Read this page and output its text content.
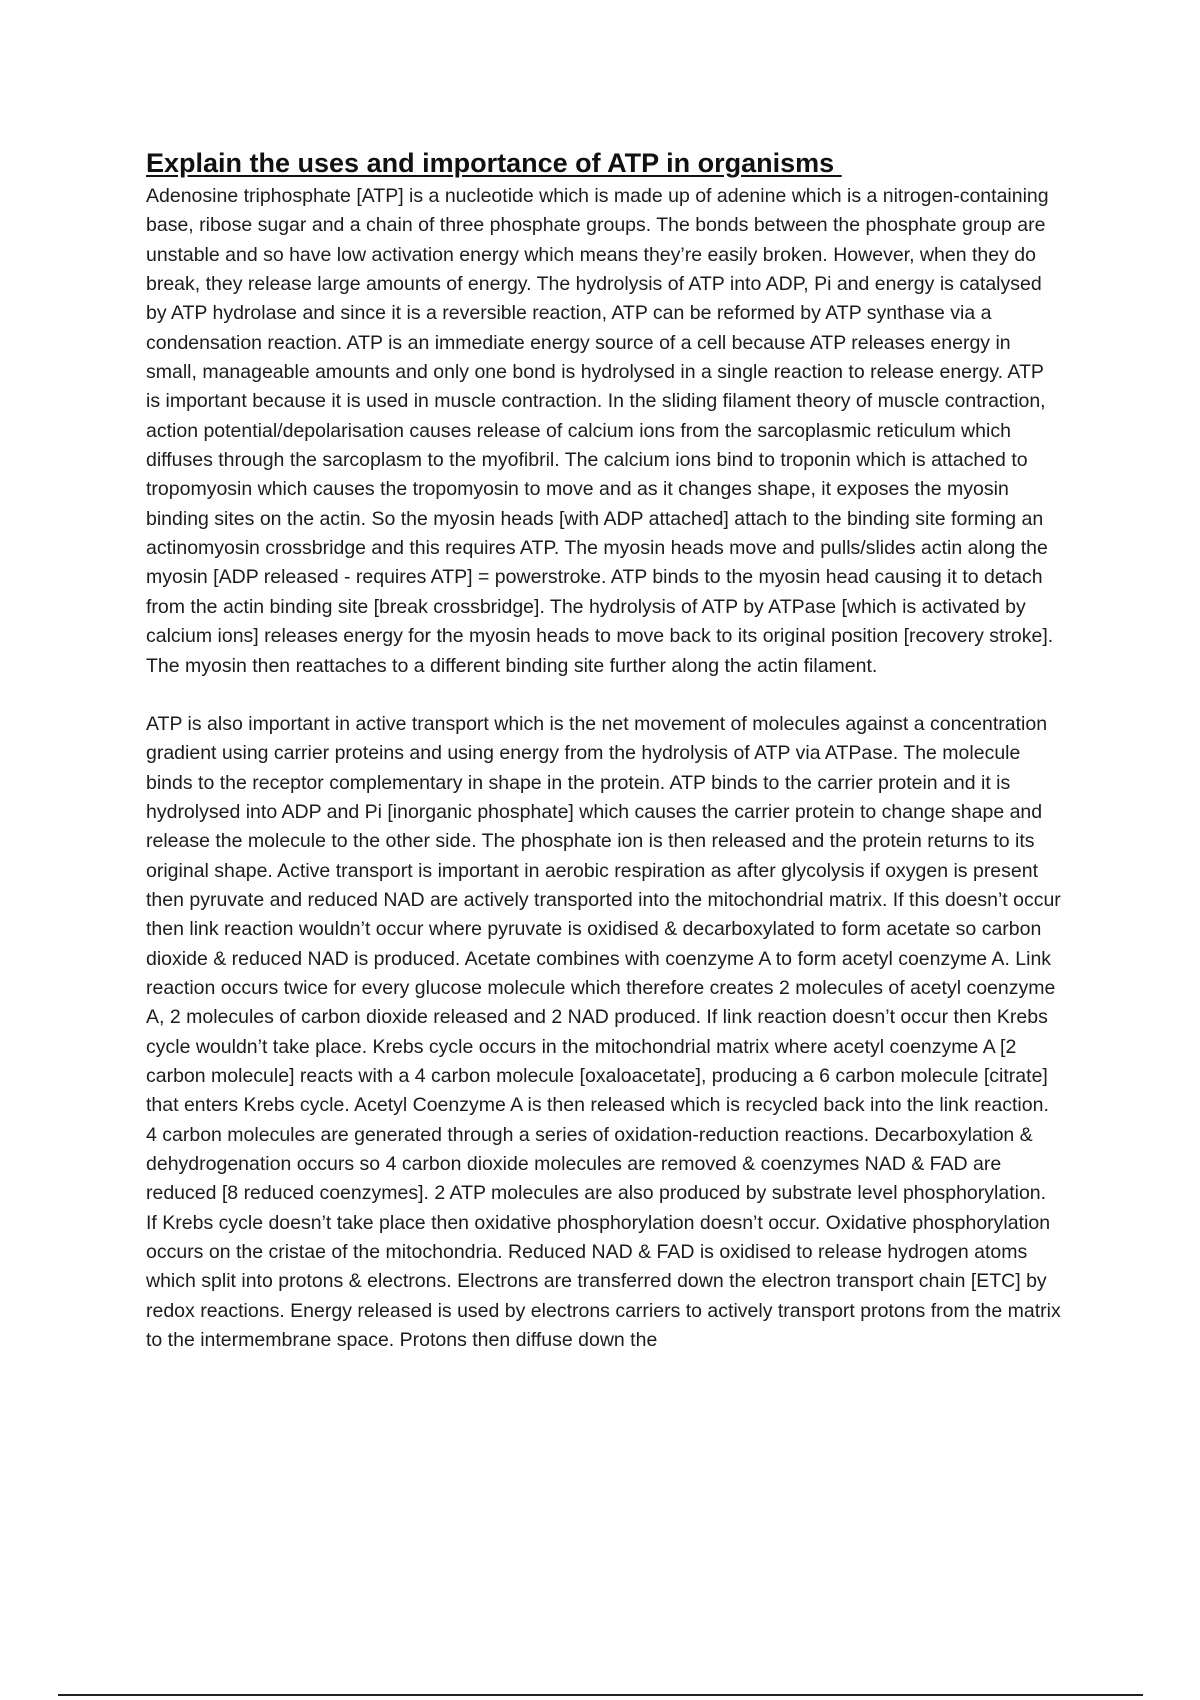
Explain the uses and importance of ATP in organisms

Adenosine triphosphate [ATP] is a nucleotide which is made up of adenine which is a nitrogen-containing base, ribose sugar and a chain of three phosphate groups. The bonds between the phosphate group are unstable and so have low activation energy which means they’re easily broken. However, when they do break, they release large amounts of energy. The hydrolysis of ATP into ADP, Pi and energy is catalysed by ATP hydrolase and since it is a reversible reaction, ATP can be reformed by ATP synthase via a condensation reaction. ATP is an immediate energy source of a cell because ATP releases energy in small, manageable amounts and only one bond is hydrolysed in a single reaction to release energy. ATP is important because it is used in muscle contraction. In the sliding filament theory of muscle contraction, action potential/depolarisation causes release of calcium ions from the sarcoplasmic reticulum which diffuses through the sarcoplasm to the myofibril. The calcium ions bind to troponin which is attached to tropomyosin which causes the tropomyosin to move and as it changes shape, it exposes the myosin binding sites on the actin. So the myosin heads [with ADP attached] attach to the binding site forming an actinomyosin crossbridge and this requires ATP. The myosin heads move and pulls/slides actin along the myosin [ADP released - requires ATP] = powerstroke. ATP binds to the myosin head causing it to detach from the actin binding site [break crossbridge]. The hydrolysis of ATP by ATPase [which is activated by calcium ions] releases energy for the myosin heads to move back to its original position [recovery stroke]. The myosin then reattaches to a different binding site further along the actin filament.

ATP is also important in active transport which is the net movement of molecules against a concentration gradient using carrier proteins and using energy from the hydrolysis of ATP via ATPase. The molecule binds to the receptor complementary in shape in the protein. ATP binds to the carrier protein and it is hydrolysed into ADP and Pi [inorganic phosphate] which causes the carrier protein to change shape and release the molecule to the other side. The phosphate ion is then released and the protein returns to its original shape. Active transport is important in aerobic respiration as after glycolysis if oxygen is present then pyruvate and reduced NAD are actively transported into the mitochondrial matrix. If this doesn’t occur then link reaction wouldn’t occur where pyruvate is oxidised & decarboxylated to form acetate so carbon dioxide & reduced NAD is produced. Acetate combines with coenzyme A to form acetyl coenzyme A. Link reaction occurs twice for every glucose molecule which therefore creates 2 molecules of acetyl coenzyme A, 2 molecules of carbon dioxide released and 2 NAD produced. If link reaction doesn’t occur then Krebs cycle wouldn’t take place. Krebs cycle occurs in the mitochondrial matrix where acetyl coenzyme A [2 carbon molecule] reacts with a 4 carbon molecule [oxaloacetate], producing a 6 carbon molecule [citrate] that enters Krebs cycle. Acetyl Coenzyme A is then released which is recycled back into the link reaction. 4 carbon molecules are generated through a series of oxidation-reduction reactions. Decarboxylation & dehydrogenation occurs so 4 carbon dioxide molecules are removed & coenzymes NAD & FAD are reduced [8 reduced coenzymes]. 2 ATP molecules are also produced by substrate level phosphorylation. If Krebs cycle doesn’t take place then oxidative phosphorylation doesn’t occur. Oxidative phosphorylation occurs on the cristae of the mitochondria. Reduced NAD & FAD is oxidised to release hydrogen atoms which split into protons & electrons. Electrons are transferred down the electron transport chain [ETC] by redox reactions. Energy released is used by electrons carriers to actively transport protons from the matrix to the intermembrane space. Protons then diffuse down the
